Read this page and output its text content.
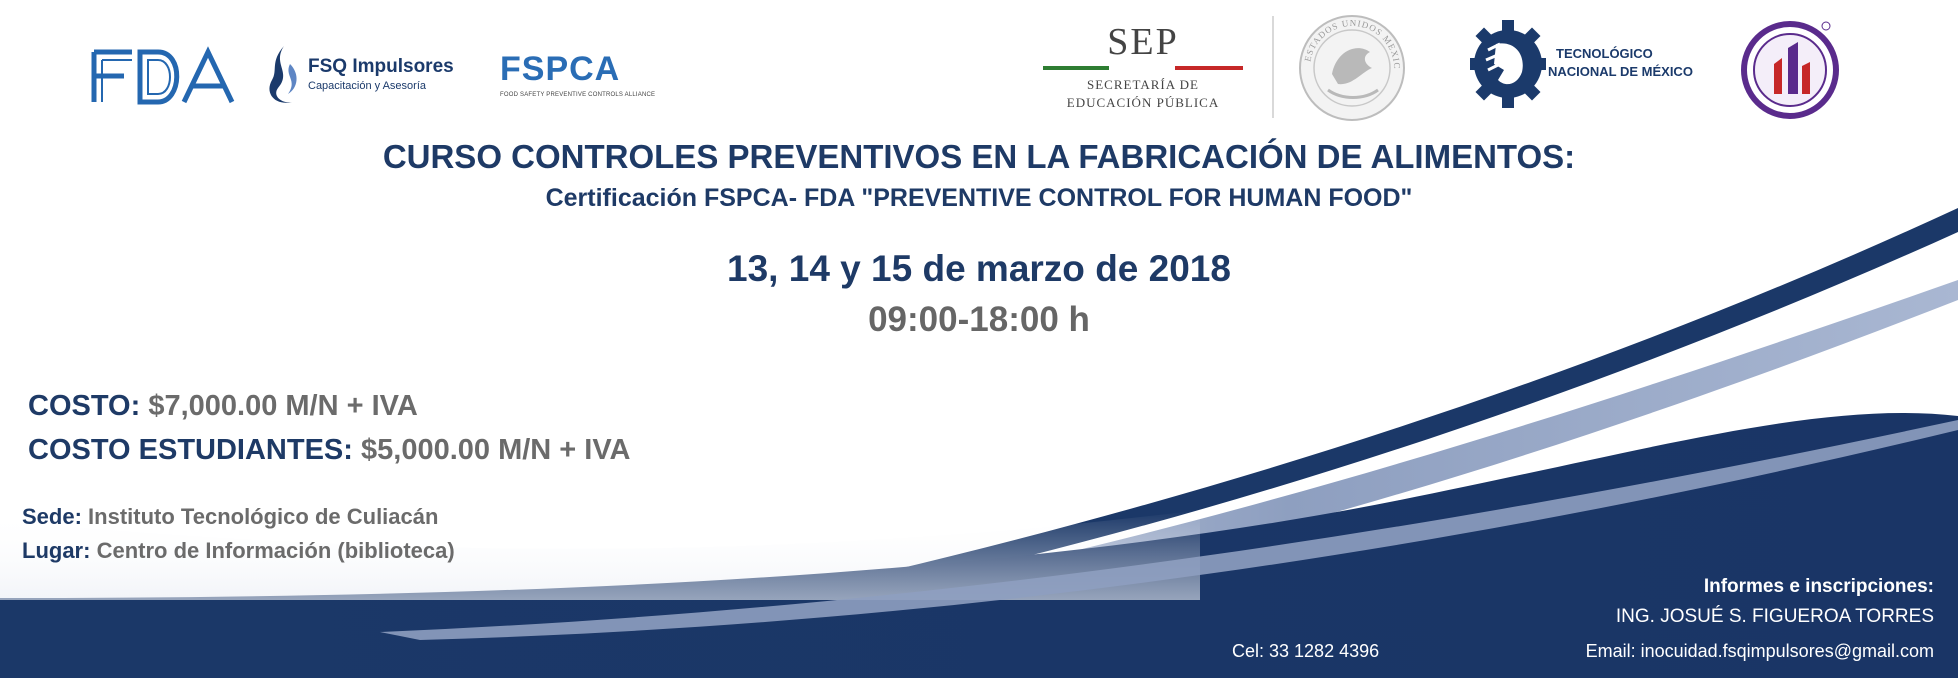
FSQ Impulsores
Capacitación y Asesoría FSPCA
FOOD SAFETY PREVENTIVE CONTROLS ALLIANCE
SEP
SECRETARÍA DE
EDUCACIÓN PÚBLICA
ESTADOS UNIDOS MEXIC
TECNOLÓGICO
NACIONAL DE MÉXICO
CURSO CONTROLES PREVENTIVOS EN LA FABRICACIÓN DE ALIMENTOS:
Certificación FSPCA- FDA "PREVENTIVE CONTROL FOR HUMAN FOOD"
13, 14 y 15 de marzo de 2018
09:00-18:00 h
COSTO: $7,000.00 M/N + IVA
COSTO ESTUDIANTES: $5,000.00 M/N + IVA
Sede: Instituto Tecnológico de Culiacán
Lugar: Centro de Información (biblioteca)
Informes e inscripciones:
ING. JOSUÉ S. FIGUEROA TORRES
Cel: 33 1282 4396	Email: inocuidad.fsqimpulsores@gmail.com
